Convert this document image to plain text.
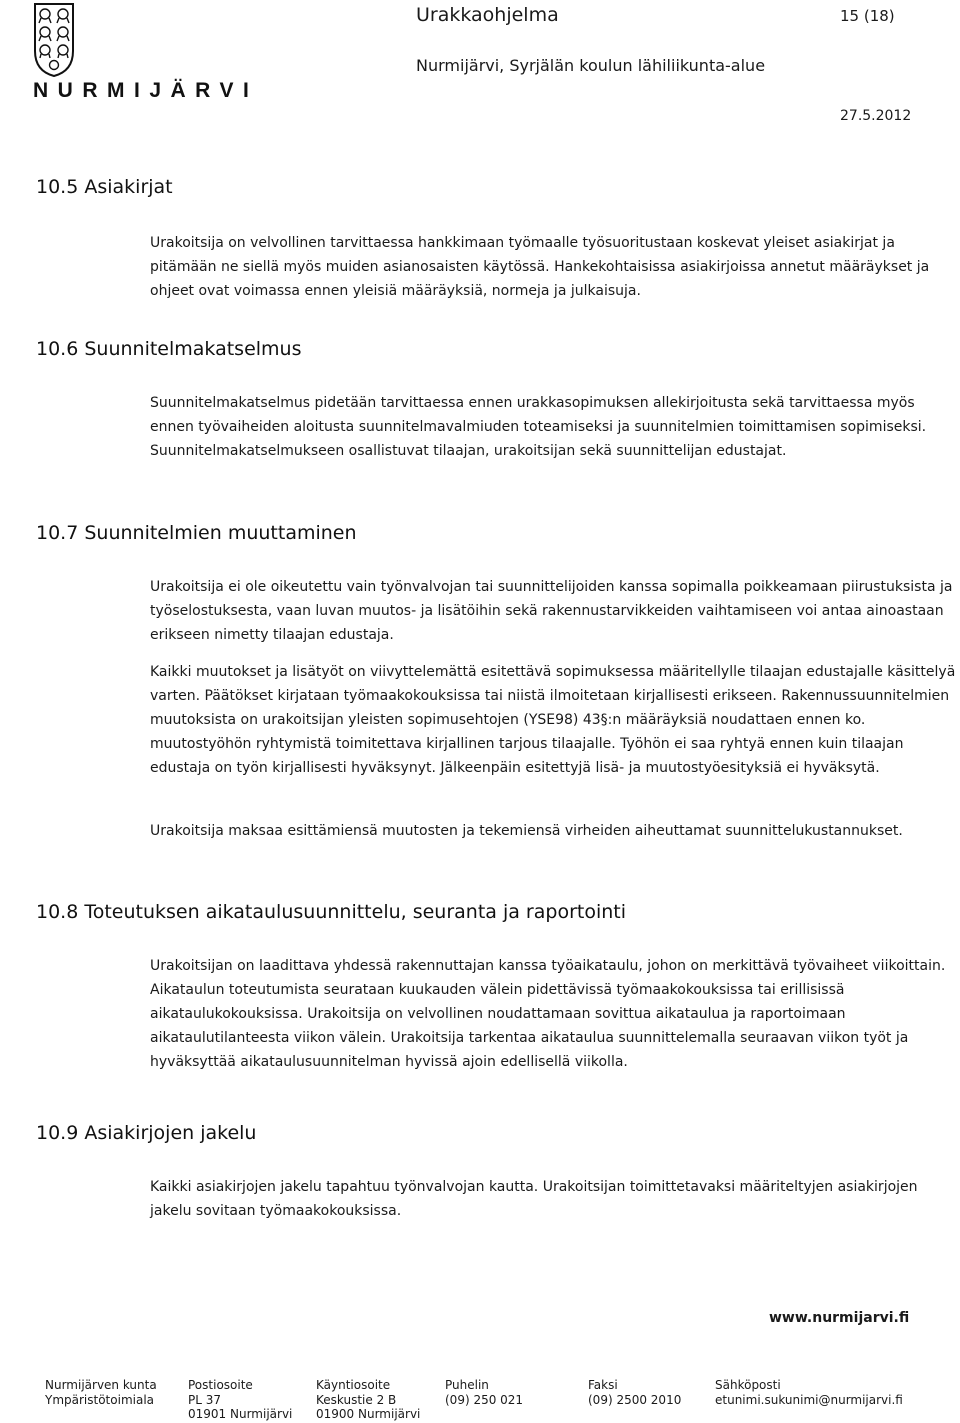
NURMIJÄRVI
Urakkaohjelma	15 (18)
Nurmijärvi, Syrjälän koulun lähiliikunta-alue
27.5.2012
10.5 Asiakirjat

Urakoitsija on velvollinen tarvittaessa hankkimaan työmaalle työsuoritustaan koskevat yleiset asiakirjat ja pitämään ne siellä myös muiden asianosaisten käytössä. Hankekohtaisissa asiakirjoissa annetut määräykset ja ohjeet ovat voimassa ennen yleisiä määräyksiä, normeja ja julkaisuja.

10.6 Suunnitelmakatselmus

Suunnitelmakatselmus pidetään tarvittaessa ennen urakkasopimuksen allekirjoitusta sekä tarvittaessa myös ennen työvaiheiden aloitusta suunnitelmavalmiuden toteamiseksi ja suunnitelmien toimittamisen sopimiseksi. Suunnitelmakatselmukseen osallistuvat tilaajan, urakoitsijan sekä suunnittelijan edustajat.

10.7 Suunnitelmien muuttaminen

Urakoitsija ei ole oikeutettu vain työnvalvojan tai suunnittelijoiden kanssa sopimalla poikkeamaan piirustuksista ja työselostuksesta, vaan luvan muutos- ja lisätöihin sekä rakennustarvikkeiden vaihtamiseen voi antaa ainoastaan erikseen nimetty tilaajan edustaja.

Kaikki muutokset ja lisätyöt on viivyttelemättä esitettävä sopimuksessa määritellylle tilaajan edustajalle käsittelyä varten. Päätökset kirjataan työmaakokouksissa tai niistä ilmoitetaan kirjallisesti erikseen. Rakennussuunnitelmien muutoksista on urakoitsijan yleisten sopimusehtojen (YSE98) 43§:n määräyksiä noudattaen ennen ko. muutostyöhön ryhtymistä toimitettava kirjallinen tarjous tilaajalle. Työhön ei saa ryhtyä ennen kuin tilaajan edustaja on työn kirjallisesti hyväksynyt. Jälkeenpäin esitettyjä lisä- ja muutostyöesityksiä ei hyväksytä.

Urakoitsija maksaa esittämiensä muutosten ja tekemiensä virheiden aiheuttamat suunnittelukustannukset.

10.8 Toteutuksen aikataulusuunnittelu, seuranta ja raportointi

Urakoitsijan on laadittava yhdessä rakennuttajan kanssa työaikataulu, johon on merkittävä työvaiheet viikoittain. Aikataulun toteutumista seurataan kuukauden välein pidettävissä työmaakokouksissa tai erillisissä aikataulukokouksissa. Urakoitsija on velvollinen noudattamaan sovittua aikataulua ja raportoimaan aikataulutilanteesta viikon välein. Urakoitsija tarkentaa aikataulua suunnittelemalla seuraavan viikon työt ja hyväksyttää aikataulusuunnitelman hyvissä ajoin edellisellä viikolla.

10.9 Asiakirjojen jakelu

Kaikki asiakirjojen jakelu tapahtuu työnvalvojan kautta. Urakoitsijan toimittetavaksi määriteltyjen asiakirjojen jakelu sovitaan työmaakokouksissa.

www.nurmijarvi.fi
Nurmijärven kunta
Ympäristötoimiala
Postiosoite
PL 37
01901 Nurmijärvi
Käyntiosoite
Keskustie 2 B
01900 Nurmijärvi
Puhelin
(09) 250 021
Faksi
(09) 2500 2010
Sähköposti
etunimi.sukunimi@nurmijarvi.fi
